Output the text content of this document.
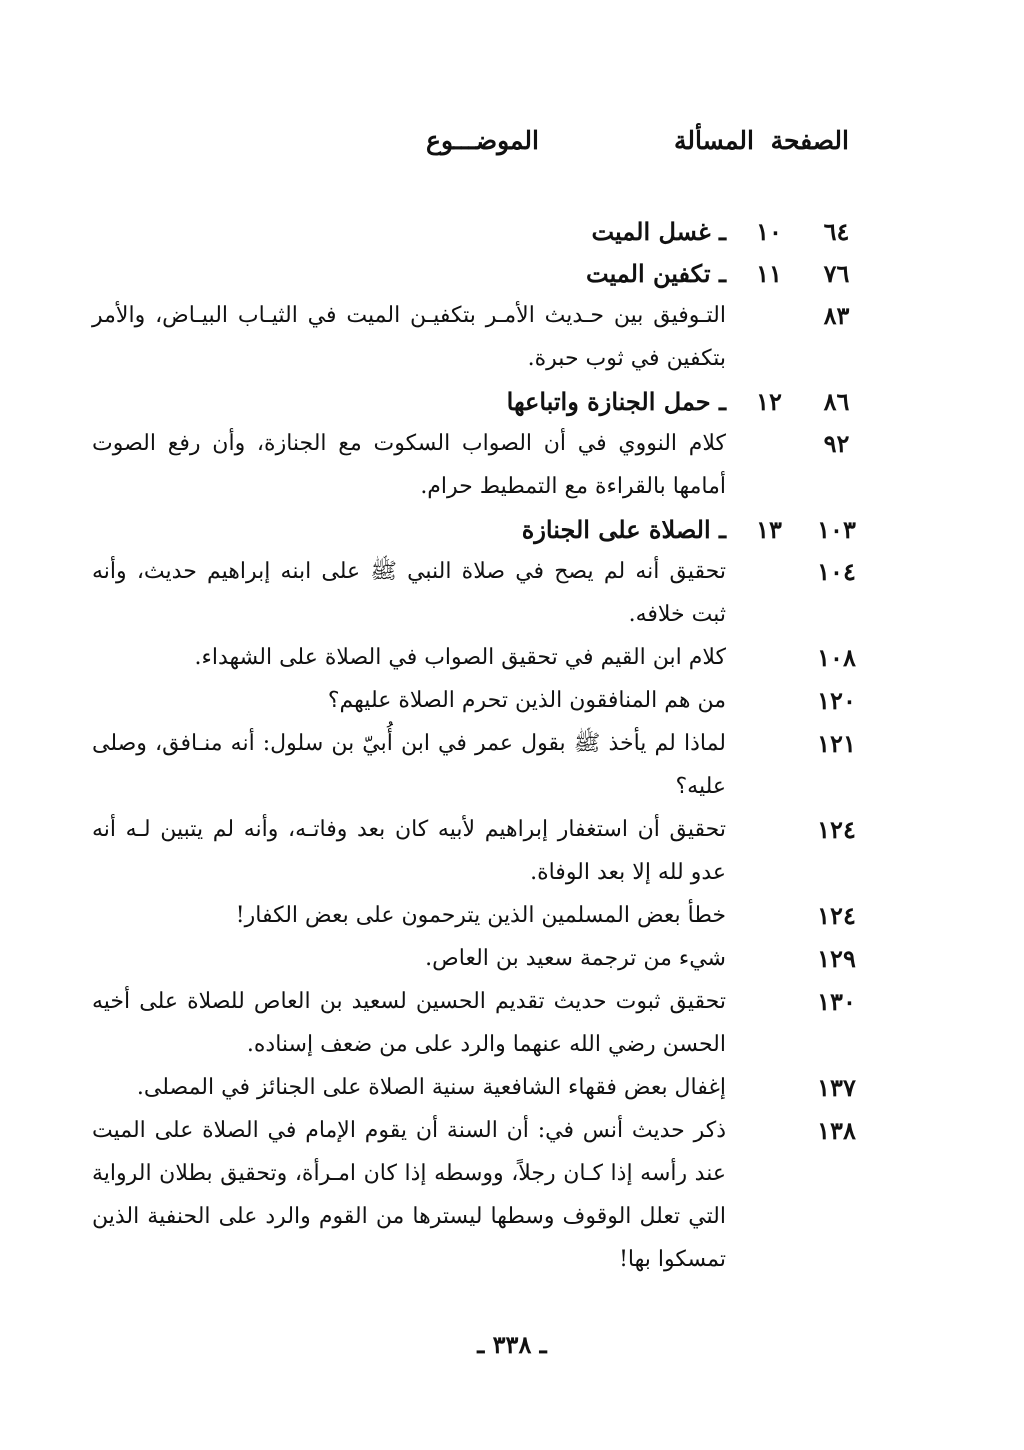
الصفحة
المسألة
الموضـــوع
٦٤
١٠
ـ غسل الميت
٧٦
١١
ـ تكفين الميت
٨٣
التـوفيق بين حـديث الأمـر بتكفيـن الميت في الثيـاب البيـاض، والأمر بتكفين في ثوب حبرة.
٨٦
١٢
ـ حمل الجنازة واتباعها
٩٢
كلام النووي في أن الصواب السكوت مع الجنازة، وأن رفع الصوت أمامها بالقراءة مع التمطيط حرام.
١٠٣
١٣
ـ الصلاة على الجنازة
١٠٤
تحقيق أنه لم يصح في صلاة النبي ﷺ على ابنه إبراهيم حديث، وأنه ثبت خلافه.
١٠٨
كلام ابن القيم في تحقيق الصواب في الصلاة على الشهداء.
١٢٠
من هم المنافقون الذين تحرم الصلاة عليهم؟
١٢١
لماذا لم يأخذ ﷺ بقول عمر في ابن أُبيّ بن سلول: أنه منـافق، وصلى عليه؟
١٢٤
تحقيق أن استغفار إبراهيم لأبيه كان بعد وفاتـه، وأنه لم يتبين لـه أنه عدو لله إلا بعد الوفاة.
١٢٤
خطأ بعض المسلمين الذين يترحمون على بعض الكفار!
١٢٩
شيء من ترجمة سعيد بن العاص.
١٣٠
تحقيق ثبوت حديث تقديم الحسين لسعيد بن العاص للصلاة على أخيه الحسن رضي الله عنهما والرد على من ضعف إسناده.
١٣٧
إغفال بعض فقهاء الشافعية سنية الصلاة على الجنائز في المصلى.
١٣٨
ذكر حديث أنس في: أن السنة أن يقوم الإمام في الصلاة على الميت عند رأسه إذا كـان رجلاً، ووسطه إذا كان امـرأة، وتحقيق بطلان الرواية التي تعلل الوقوف وسطها ليسترها من القوم والرد على الحنفية الذين تمسكوا بها!
ـ ٣٣٨ ـ
